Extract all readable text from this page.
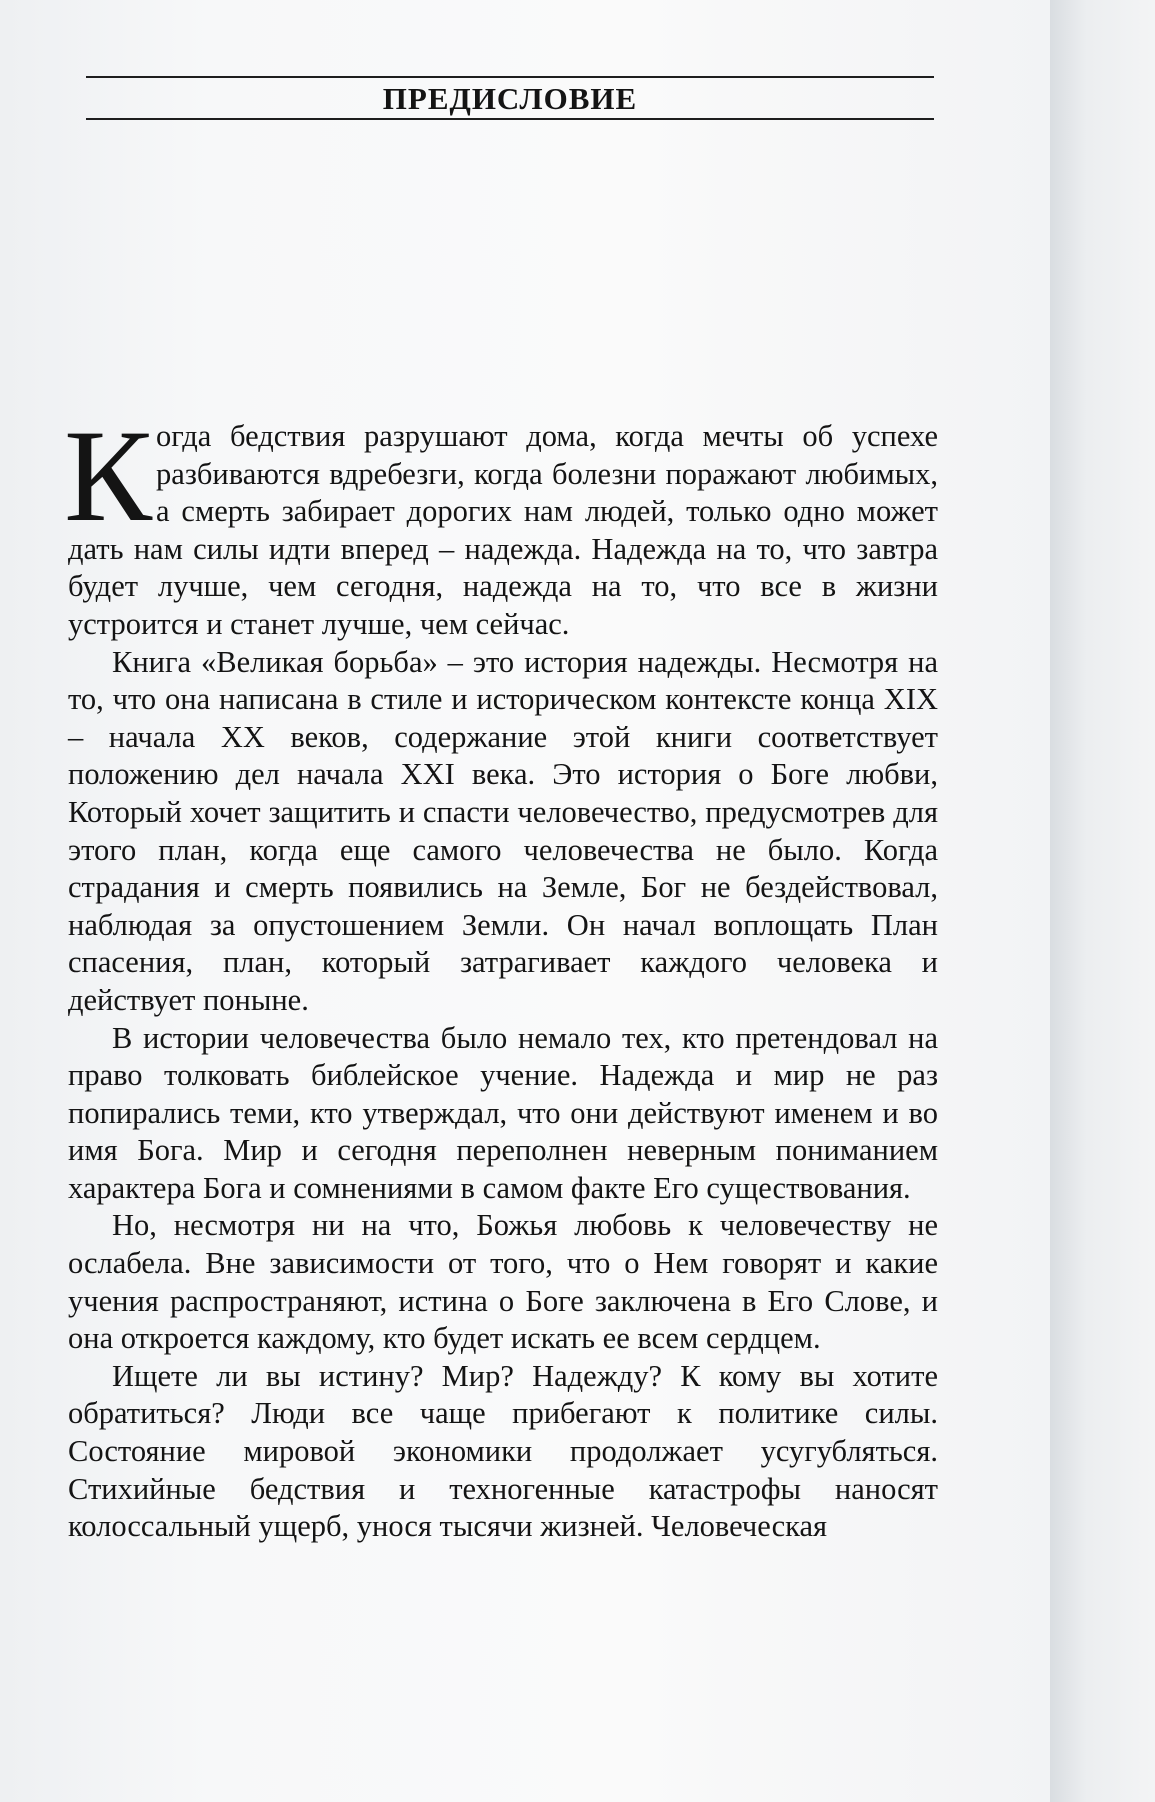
ПРЕДИСЛОВИЕ

Когда бедствия разрушают дома, когда мечты об успехе разбиваются вдребезги, когда болезни поражают любимых, а смерть забирает дорогих нам людей, только одно может дать нам силы идти вперед – надежда. Надежда на то, что завтра будет лучше, чем сегодня, надежда на то, что все в жизни устроится и станет лучше, чем сейчас.

Книга «Великая борьба» – это история надежды. Несмотря на то, что она написана в стиле и историческом контексте конца XIX – начала XX веков, содержание этой книги соответствует положению дел начала XXI века. Это история о Боге любви, Который хочет защитить и спасти человечество, предусмотрев для этого план, когда еще самого человечества не было. Когда страдания и смерть появились на Земле, Бог не бездействовал, наблюдая за опустошением Земли. Он начал воплощать План спасения, план, который затрагивает каждого человека и действует поныне.

В истории человечества было немало тех, кто претендовал на право толковать библейское учение. Надежда и мир не раз попирались теми, кто утверждал, что они действуют именем и во имя Бога. Мир и сегодня переполнен неверным пониманием характера Бога и сомнениями в самом факте Его существования.

Но, несмотря ни на что, Божья любовь к человечеству не ослабела. Вне зависимости от того, что о Нем говорят и какие учения распространяют, истина о Боге заключена в Его Слове, и она откроется каждому, кто будет искать ее всем сердцем.

Ищете ли вы истину? Мир? Надежду? К кому вы хотите обратиться? Люди все чаще прибегают к политике силы. Состояние мировой экономики продолжает усугубляться. Стихийные бедствия и техногенные катастрофы наносят колоссальный ущерб, унося тысячи жизней. Человеческая
